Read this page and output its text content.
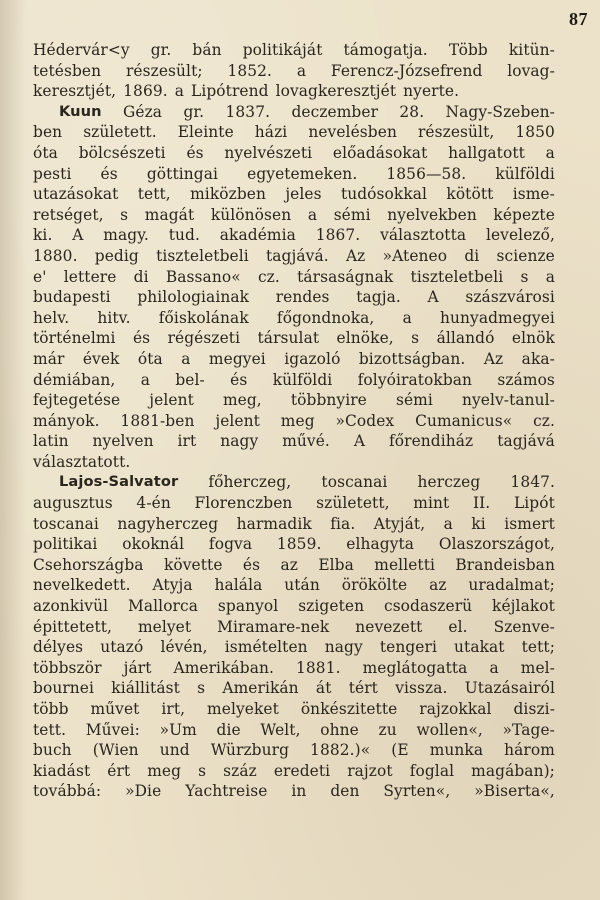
87
Hédervár<y gr. bán politikáját támogatja. Több kitün-
tetésben részesült; 1852. a Ferencz-Józsefrend lovag-
keresztjét, 1869. a Lipótrend lovagkeresztjét nyerte.
Kuun Géza gr. 1837. deczember 28. Nagy-Szeben-
ben született. Eleinte házi nevelésben részesült, 1850
óta bölcsészeti és nyelvészeti előadásokat hallgatott a
pesti és göttingai egyetemeken. 1856—58. külföldi
utazásokat tett, miközben jeles tudósokkal kötött isme-
retséget, s magát különösen a sémi nyelvekben képezte
ki. A magy. tud. akadémia 1867. választotta levelező,
1880. pedig tiszteletbeli tagjává. Az »Ateneo di scienze
e' lettere di Bassano« cz. társaságnak tiszteletbeli s a
budapesti philologiainak rendes tagja. A szászvárosi
helv. hitv. főiskolának főgondnoka, a hunyadmegyei
történelmi és régészeti társulat elnöke, s állandó elnök
már évek óta a megyei igazoló bizottságban. Az aka-
démiában, a bel- és külföldi folyóiratokban számos
fejtegetése jelent meg, többnyire sémi nyelv-tanul-
mányok. 1881-ben jelent meg »Codex Cumanicus« cz.
latin nyelven irt nagy művé. A főrendiház tagjává
választatott.
Lajos-Salvator főherczeg, toscanai herczeg 1847.
augusztus 4-én Florenczben született, mint II. Lipót
toscanai nagyherczeg harmadik fia. Atyját, a ki ismert
politikai okoknál fogva 1859. elhagyta Olaszországot,
Csehországba követte és az Elba melletti Brandeisban
nevelkedett. Atyja halála után örökölte az uradalmat;
azonkivül Mallorca spanyol szigeten csodaszerü kéjlakot
épittetett, melyet Miramare-nek nevezett el. Szenve-
délyes utazó lévén, ismételten nagy tengeri utakat tett;
többször járt Amerikában. 1881. meglátogatta a mel-
bournei kiállitást s Amerikán át tért vissza. Utazásairól
több művet irt, melyeket önkészitette rajzokkal diszi-
tett. Művei: »Um die Welt, ohne zu wollen«, »Tage-
buch (Wien und Würzburg 1882.)« (E munka három
kiadást ért meg s száz eredeti rajzot foglal magában);
továbbá: »Die Yachtreise in den Syrten«, »Biserta«,
